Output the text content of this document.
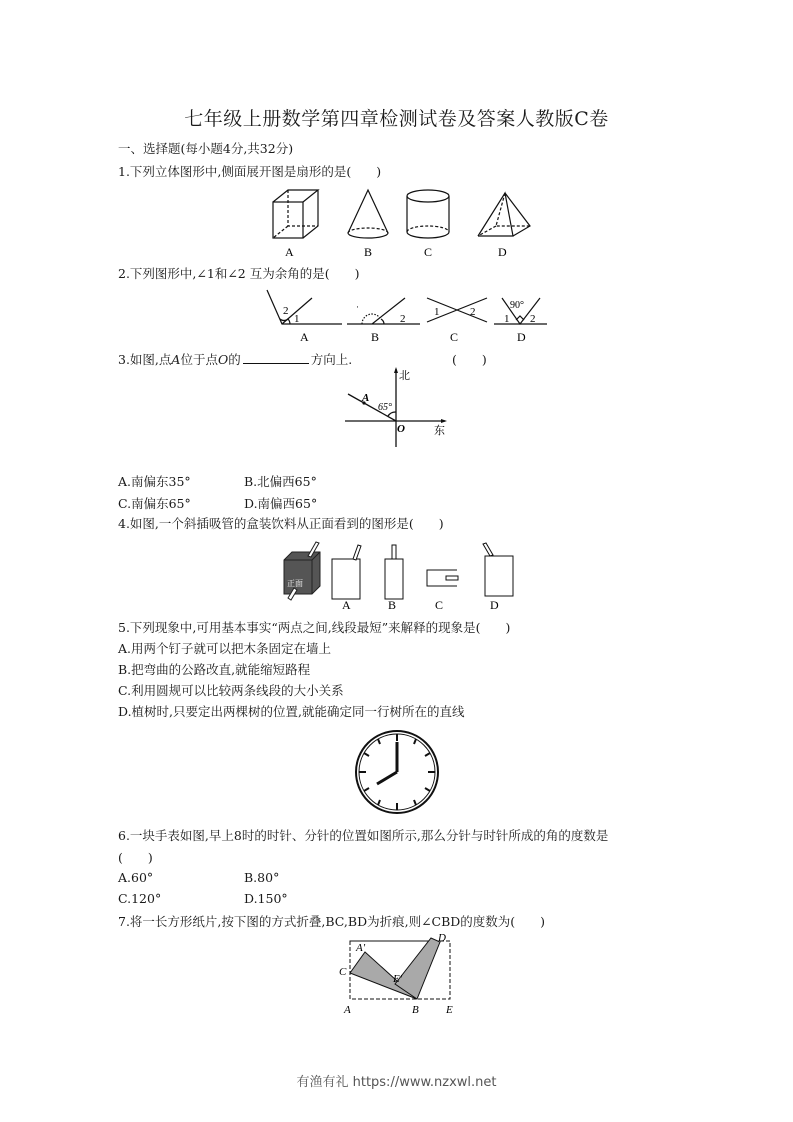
七年级上册数学第四章检测试卷及答案人教版C卷
一、选择题(每小题4分,共32分)
1.下列立体图形中,侧面展开图是扇形的是(　　)
A	B	C	D
2.下列图形中,∠1和∠2 互为余角的是(　　)
2
1
·
2
1	2
90°
1 2
A	B	C	D
3.如图,点A位于点O的	方向上.	(　　)
北
A
65°
O	东
A.南偏东35°	B.北偏西65°
C.南偏东65°	D.南偏西65°
4.如图,一个斜插吸管的盒装饮料从正面看到的图形是(　　)
正面
A	B	C	D
5.下列现象中,可用基本事实“两点之间,线段最短”来解释的现象是(　　)
A.用两个钉子就可以把木条固定在墙上
B.把弯曲的公路改直,就能缩短路程
C.利用圆规可以比较两条线段的大小关系
D.植树时,只要定出两棵树的位置,就能确定同一行树所在的直线
6.一块手表如图,早上8时的时针、分针的位置如图所示,那么分针与时针所成的角的度数是
(　　)
A.60°	B.80°
C.120°	D.150°
7.将一长方形纸片,按下图的方式折叠,BC,BD为折痕,则∠CBD的度数为(　　)
A'
D
C
E'
A	B E
有渔有礼 https://www.nzxwl.net
